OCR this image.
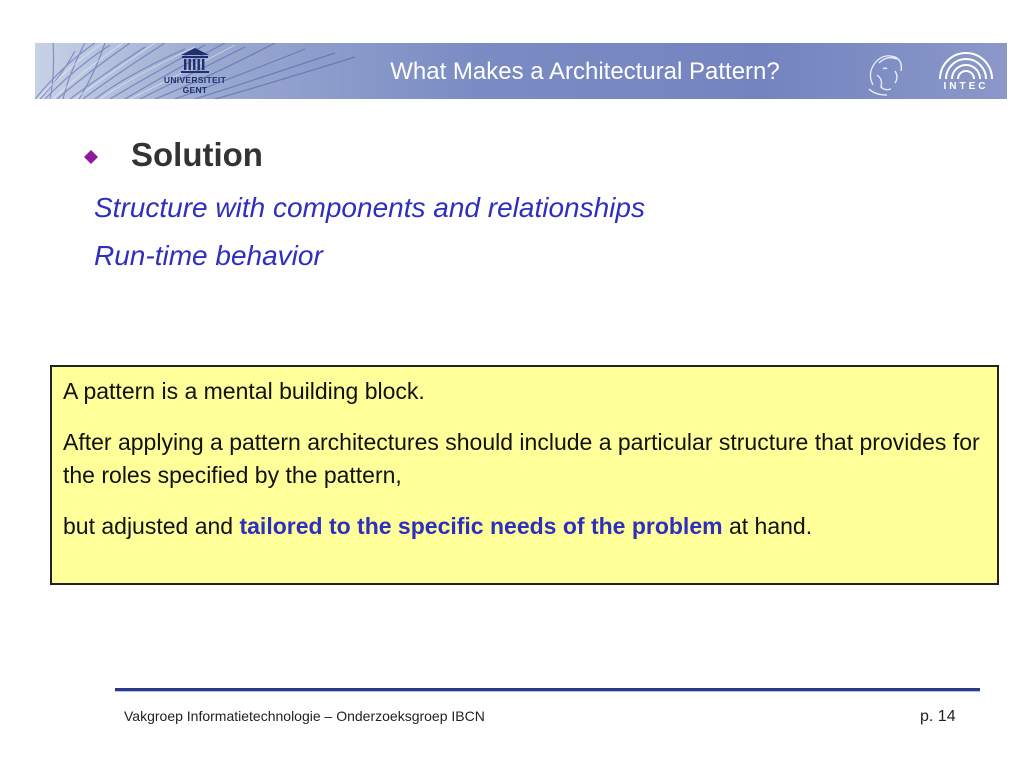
UNIVERSITEIT
GENT
What Makes a Architectural Pattern?
INTEC
Solution
Structure with components and relationships
Run-time behavior

A pattern is a mental building block.

After applying a pattern architectures should include a particular structure that provides for the roles specified by the pattern,

but adjusted and tailored to the specific needs of the problem at hand.

Vakgroep Informatietechnologie – Onderzoeksgroep IBCN	p. 14
